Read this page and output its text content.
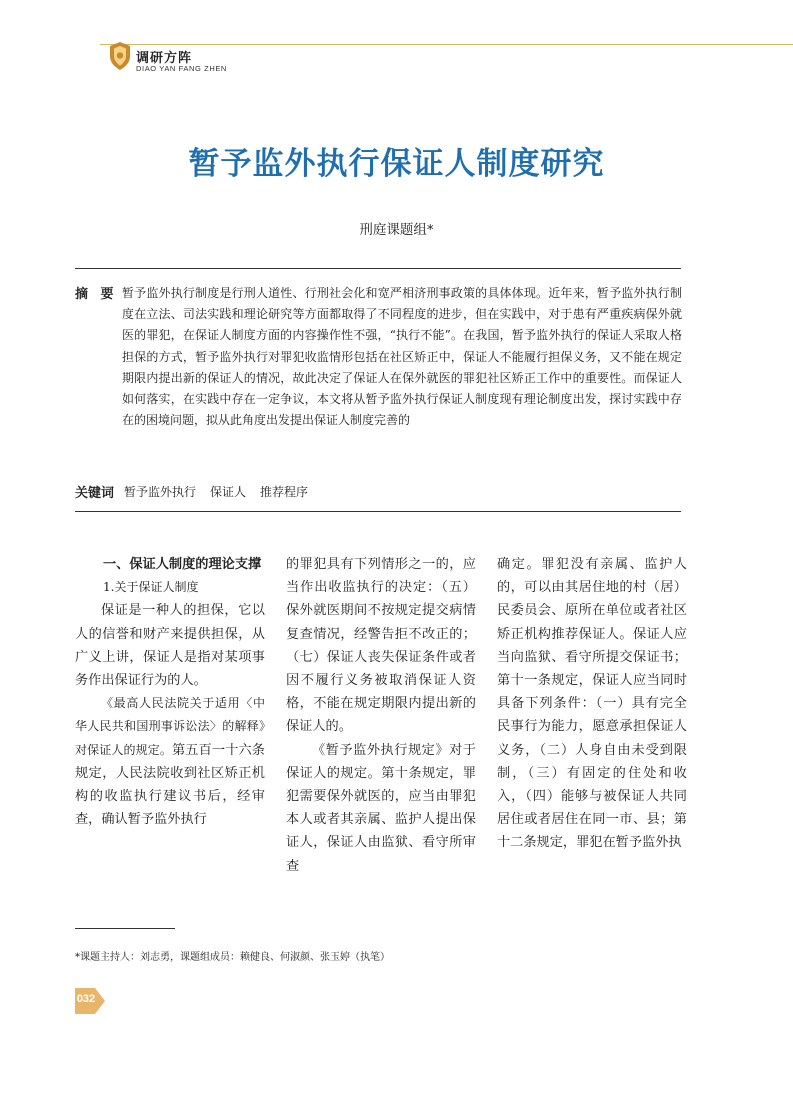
调研方阵
DIAO YAN FANG ZHEN
暂予监外执行保证人制度研究
刑庭课题组*
摘 要 暂予监外执行制度是行刑人道性、行刑社会化和宽严相济刑事政策的具体体现。近年来，暂予监外执行制度在立法、司法实践和理论研究等方面都取得了不同程度的进步，但在实践中，对于患有严重疾病保外就医的罪犯，在保证人制度方面的内容操作性不强，“执行不能”。在我国，暂予监外执行的保证人采取人格担保的方式，暂予监外执行对罪犯收监情形包括在社区矫正中，保证人不能履行担保义务，又不能在规定期限内提出新的保证人的情况，故此决定了保证人在保外就医的罪犯社区矫正工作中的重要性。而保证人如何落实，在实践中存在一定争议，本文将从暂予监外执行保证人制度现有理论制度出发，探讨实践中存在的困境问题，拟从此角度出发提出保证人制度完善的
关键词 暂予监外执行 保证人 推荐程序

一、保证人制度的理论支撑

1.关于保证人制度

保证是一种人的担保，它以人的信誉和财产来提供担保，从广义上讲，保证人是指对某项事务作出保证行为的人。

《最高人民法院关于适用〈中华人民共和国刑事诉讼法〉的解释》对保证人的规定。第五百一十六条规定，人民法院收到社区矫正机构的收监执行建议书后，经审查，确认暂予监外执行

的罪犯具有下列情形之一的，应当作出收监执行的决定：（五）保外就医期间不按规定提交病情复查情况，经警告拒不改正的；（七）保证人丧失保证条件或者因不履行义务被取消保证人资格，不能在规定期限内提出新的保证人的。

《暂予监外执行规定》对于保证人的规定。第十条规定，罪犯需要保外就医的，应当由罪犯本人或者其亲属、监护人提出保证人，保证人由监狱、看守所审查

确定。罪犯没有亲属、监护人的，可以由其居住地的村（居）民委员会、原所在单位或者社区矫正机构推荐保证人。保证人应当向监狱、看守所提交保证书；第十一条规定，保证人应当同时具备下列条件：（一）具有完全民事行为能力，愿意承担保证人义务，（二）人身自由未受到限制，（三）有固定的住处和收入，（四）能够与被保证人共同居住或者居住在同一市、县；第十二条规定，罪犯在暂予监外执

*课题主持人：刘志勇，课题组成员：赖健良、何淑颜、张玉婷（执笔）
032
